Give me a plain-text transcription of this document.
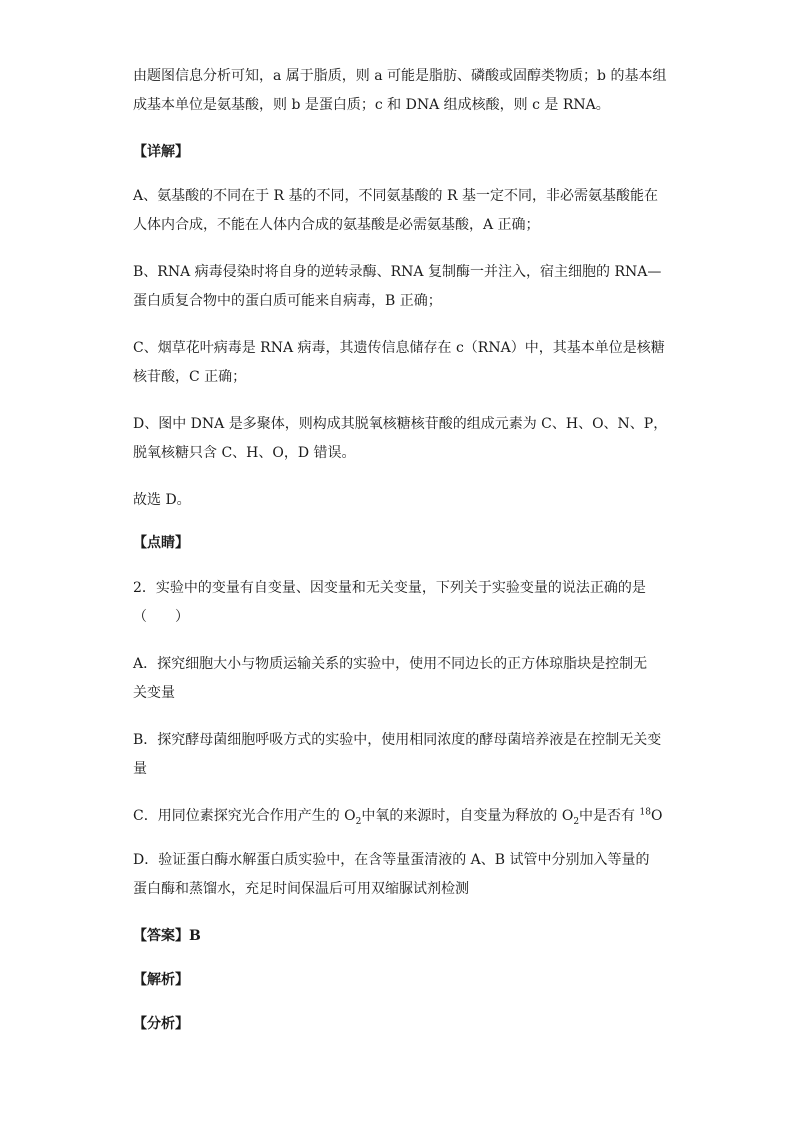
由题图信息分析可知，a 属于脂质，则 a 可能是脂肪、磷酸或固醇类物质；b 的基本组
成基本单位是氨基酸，则 b 是蛋白质；c 和 DNA 组成核酸，则 c 是 RNA。
【详解】
A、氨基酸的不同在于 R 基的不同，不同氨基酸的 R 基一定不同，非必需氨基酸能在
人体内合成，不能在人体内合成的氨基酸是必需氨基酸，A 正确；
B、RNA 病毒侵染时将自身的逆转录酶、RNA 复制酶一并注入，宿主细胞的 RNA—
蛋白质复合物中的蛋白质可能来自病毒，B 正确；
C、烟草花叶病毒是 RNA 病毒，其遗传信息储存在 c（RNA）中，其基本单位是核糖
核苷酸，C 正确；
D、图中 DNA 是多聚体，则构成其脱氧核糖核苷酸的组成元素为 C、H、O、N、P，
脱氧核糖只含 C、H、O，D 错误。
故选 D。
【点睛】
2．实验中的变量有自变量、因变量和无关变量，下列关于实验变量的说法正确的是
（　　）
A．探究细胞大小与物质运输关系的实验中，使用不同边长的正方体琼脂块是控制无
关变量
B．探究酵母菌细胞呼吸方式的实验中，使用相同浓度的酵母菌培养液是在控制无关变
量
C．用同位素探究光合作用产生的 $O_2$中氧的来源时，自变量为释放的 $O_2$中是否有 $^{18}$O
D．验证蛋白酶水解蛋白质实验中，在含等量蛋清液的 A、B 试管中分别加入等量的
蛋白酶和蒸馏水，充足时间保温后可用双缩脲试剂检测
【答案】B
【解析】
【分析】
